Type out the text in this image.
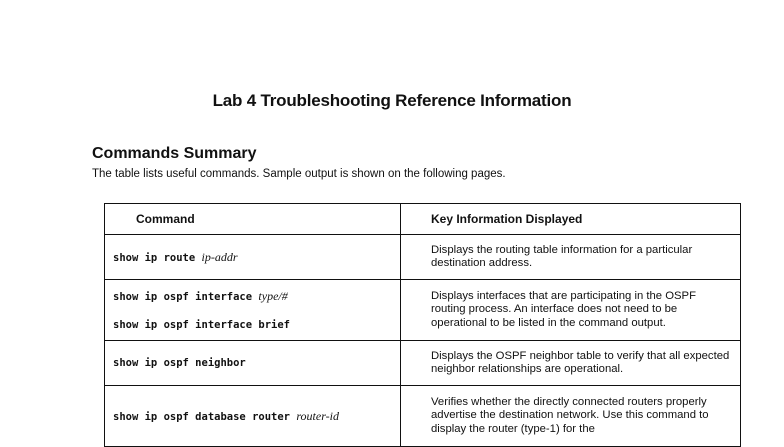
Lab 4 Troubleshooting Reference Information
Commands Summary
The table lists useful commands. Sample output is shown on the following pages.
Command	Key Information Displayed
show ip route ip-addr	Displays the routing table information for a particular destination address.

show ip ospf interface type/#
show ip ospf interface brief	Displays interfaces that are participating in the OSPF routing process. An interface does not need to be operational to be listed in the command output.
show ip ospf neighbor	Displays the OSPF neighbor table to verify that all expected neighbor relationships are operational.
show ip ospf database router router-id	Verifies whether the directly connected routers properly advertise the destination network. Use this command to display the router (type-1) for the
